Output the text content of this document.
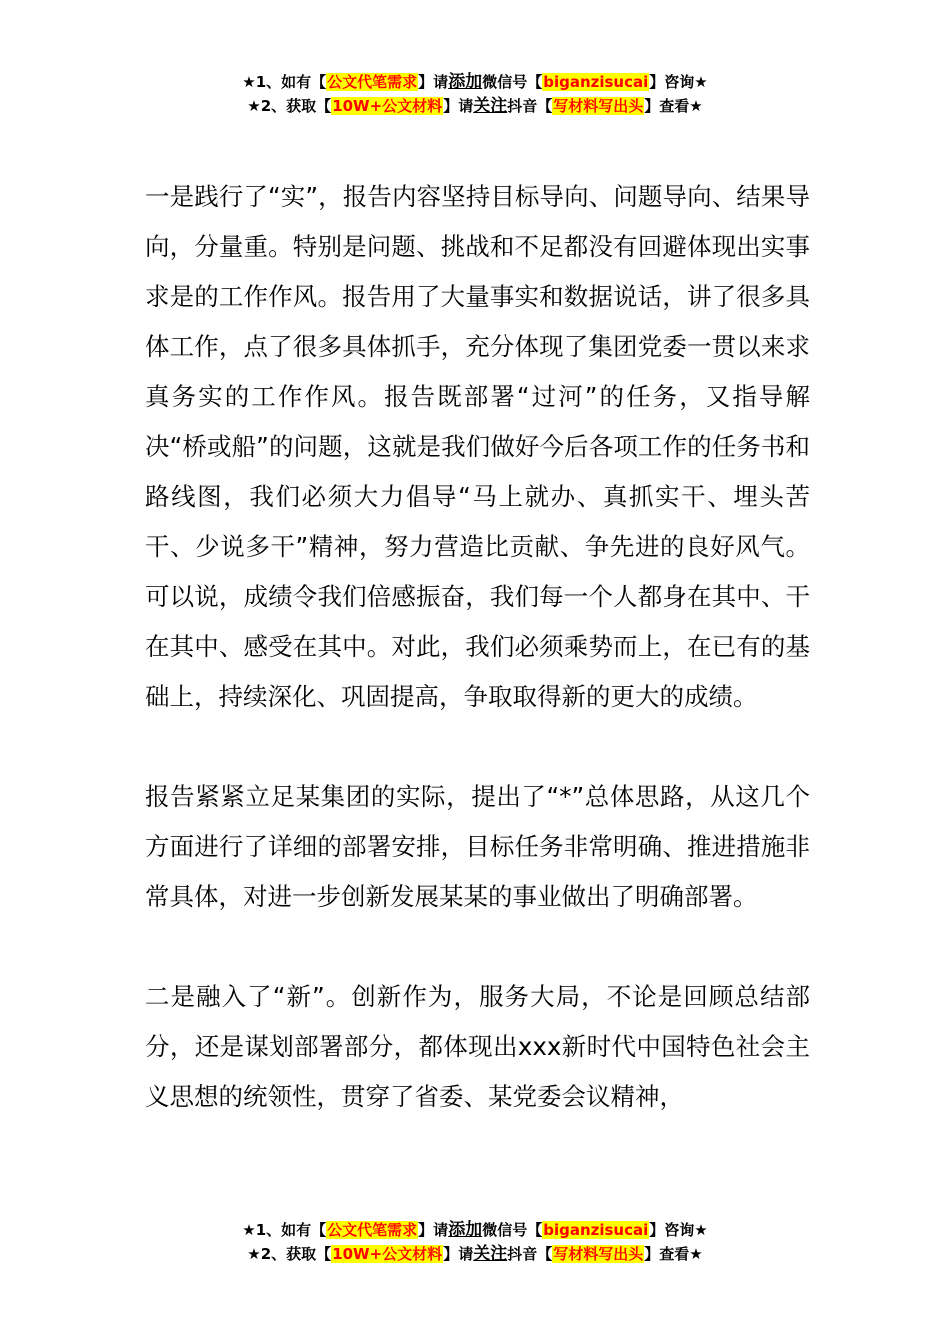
★1、如有【公文代笔需求】请添加微信号【biganzisucai】咨询★
★2、获取【10W+公文材料】请关注抖音【写材料写出头】查看★

一是践行了“实”，报告内容坚持目标导向、问题导向、结果导向，分量重。特别是问题、挑战和不足都没有回避体现出实事求是的工作作风。报告用了大量事实和数据说话，讲了很多具体工作，点了很多具体抓手，充分体现了集团党委一贯以来求真务实的工作作风。报告既部署“过河”的任务，又指导解决“桥或船”的问题，这就是我们做好今后各项工作的任务书和路线图，我们必须大力倡导“马上就办、真抓实干、埋头苦干、少说多干”精神，努力营造比贡献、争先进的良好风气。可以说，成绩令我们倍感振奋，我们每一个人都身在其中、干在其中、感受在其中。对此，我们必须乘势而上，在已有的基础上，持续深化、巩固提高，争取取得新的更大的成绩。

报告紧紧立足某集团的实际，提出了“*”总体思路，从这几个方面进行了详细的部署安排，目标任务非常明确、推进措施非常具体，对进一步创新发展某某的事业做出了明确部署。

二是融入了“新”。创新作为，服务大局，不论是回顾总结部分，还是谋划部署部分，都体现出xxx新时代中国特色社会主义思想的统领性，贯穿了省委、某党委会议精神，

★1、如有【公文代笔需求】请添加微信号【biganzisucai】咨询★
★2、获取【10W+公文材料】请关注抖音【写材料写出头】查看★
